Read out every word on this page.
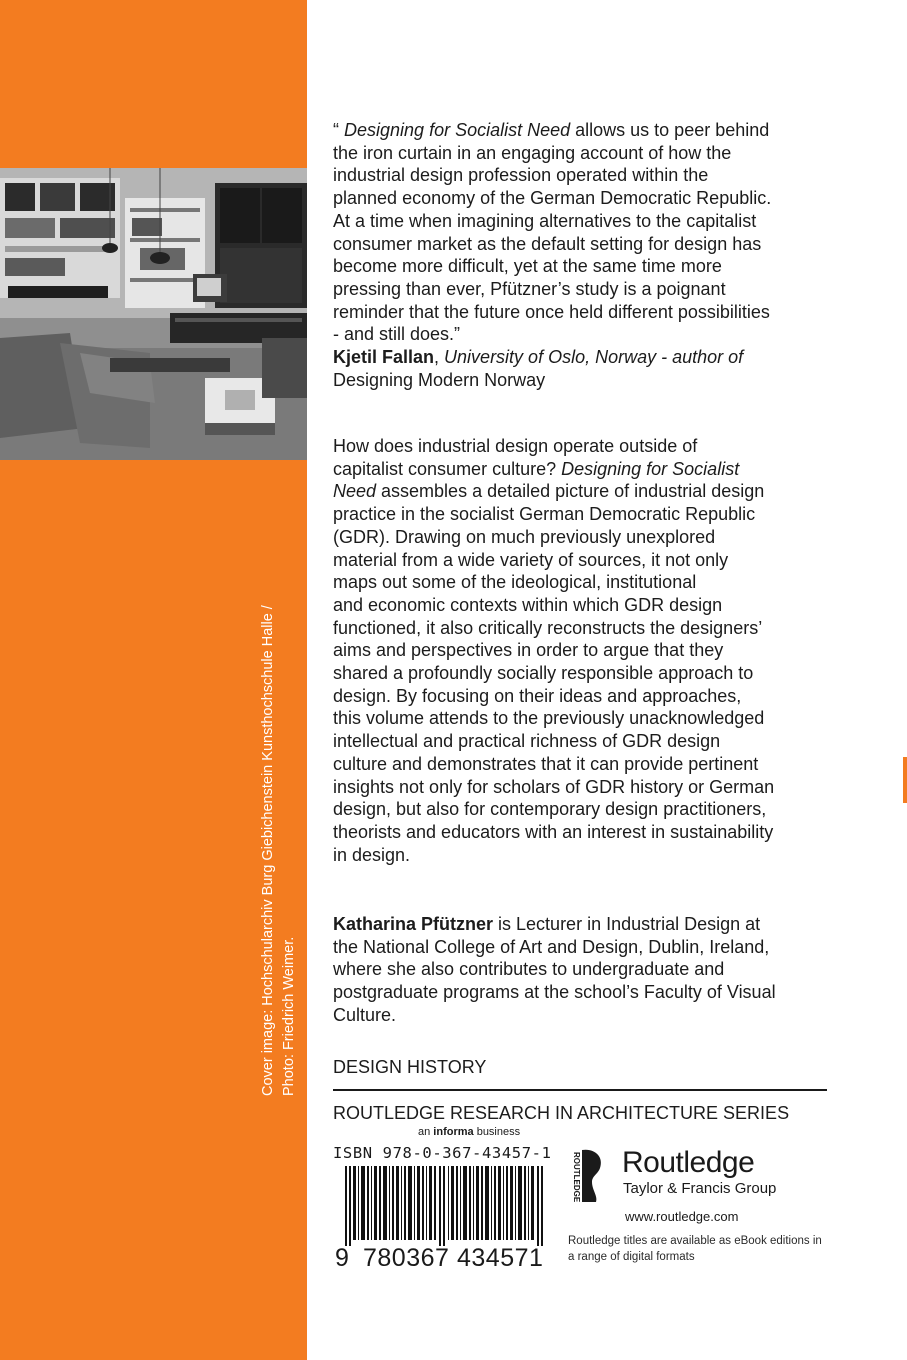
Cover image: Hochschularchiv Burg Giebichenstein Kunsthochschule Halle / Photo: Friedrich Weimer.
“ Designing for Socialist Need allows us to peer behind
the iron curtain in an engaging account of how the
industrial design profession operated within the
planned economy of the German Democratic Republic.
At a time when imagining alternatives to the capitalist
consumer market as the default setting for design has
become more difficult, yet at the same time more
pressing than ever, Pfützner’s study is a poignant
reminder that the future once held different possibilities
- and still does.”
Kjetil Fallan, University of Oslo, Norway - author of
Designing Modern Norway
How does industrial design operate outside of
capitalist consumer culture? Designing for Socialist
Need assembles a detailed picture of industrial design
practice in the socialist German Democratic Republic
(GDR). Drawing on much previously unexplored
material from a wide variety of sources, it not only
maps out some of the ideological, institutional
and economic contexts within which GDR design
functioned, it also critically reconstructs the designers’
aims and perspectives in order to argue that they
shared a profoundly socially responsible approach to
design. By focusing on their ideas and approaches,
this volume attends to the previously unacknowledged
intellectual and practical richness of GDR design
culture and demonstrates that it can provide pertinent
insights not only for scholars of GDR history or German
design, but also for contemporary design practitioners,
theorists and educators with an interest in sustainability
in design.
Katharina Pfützner is Lecturer in Industrial Design at
the National College of Art and Design, Dublin, Ireland,
where she also contributes to undergraduate and
postgraduate programs at the school’s Faculty of Visual
Culture.
DESIGN HISTORY
ROUTLEDGE RESEARCH IN ARCHITECTURE SERIES
an informa business
ISBN 978-0-367-43457-1
9 780367 434571
ROUTLEDGE Routledge
Taylor & Francis Group
www.routledge.com
Routledge titles are available as eBook editions in
a range of digital formats
